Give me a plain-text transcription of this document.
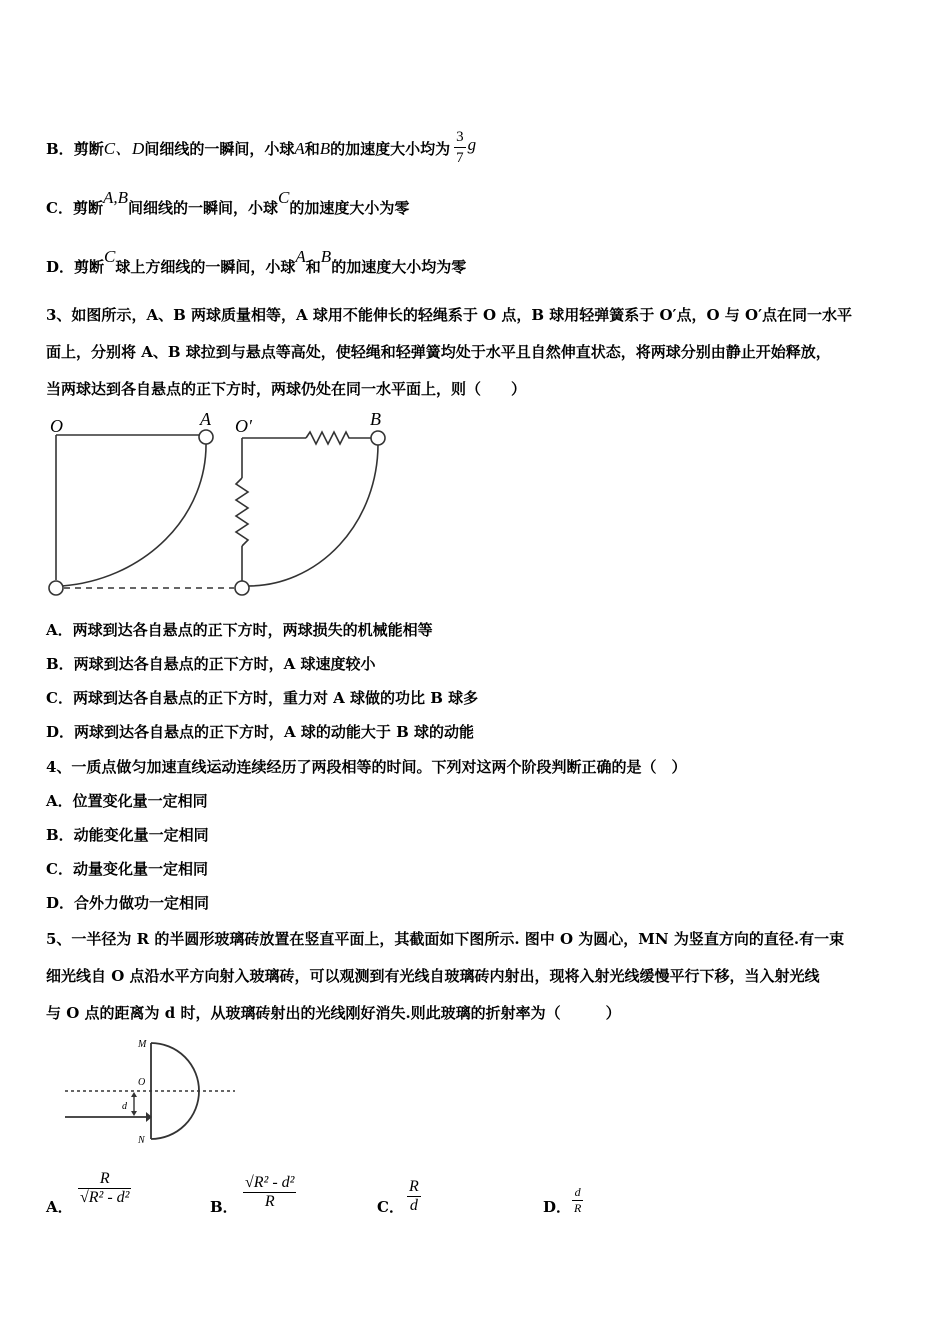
B．剪断C、D间细线的一瞬间，小球A和B的加速度大小均为 $\frac{3}{7}$ g
C．剪断A,B间细线的一瞬间，小球C的加速度大小为零
D．剪断C球上方细线的一瞬间，小球A和B的加速度大小均为零
3、如图所示，A、B 两球质量相等，A 球用不能伸长的轻绳系于 O 点，B 球用轻弹簧系于 O′点，O 与 O′点在同一水平
面上，分别将 A、B 球拉到与悬点等高处，使轻绳和轻弹簧均处于水平且自然伸直状态，将两球分别由静止开始释放，
当两球达到各自悬点的正下方时，两球仍处在同一水平面上，则（　　）
O	A O′	B
A．两球到达各自悬点的正下方时，两球损失的机械能相等
B．两球到达各自悬点的正下方时，A 球速度较小
C．两球到达各自悬点的正下方时，重力对 A 球做的功比 B 球多
D．两球到达各自悬点的正下方时，A 球的动能大于 B 球的动能
4、一质点做匀加速直线运动连续经历了两段相等的时间。下列对这两个阶段判断正确的是（　）
A．位置变化量一定相同
B．动能变化量一定相同
C．动量变化量一定相同
D．合外力做功一定相同
5、一半径为 R 的半圆形玻璃砖放置在竖直平面上，其截面如下图所示. 图中 O 为圆心，MN 为竖直方向的直径.有一束
细光线自 O 点沿水平方向射入玻璃砖，可以观测到有光线自玻璃砖内射出，现将入射光线缓慢平行下移，当入射光线
与 O 点的距离为 d 时，从玻璃砖射出的光线刚好消失.则此玻璃的折射率为（　　　）
M
O
N
d
A． $\frac{R}{\text{√R² - d²}}$	B． $\frac{\text{√R² - d²}}{R}$	C． $\frac{R}{d}$	D． $\frac{d}{R}$
